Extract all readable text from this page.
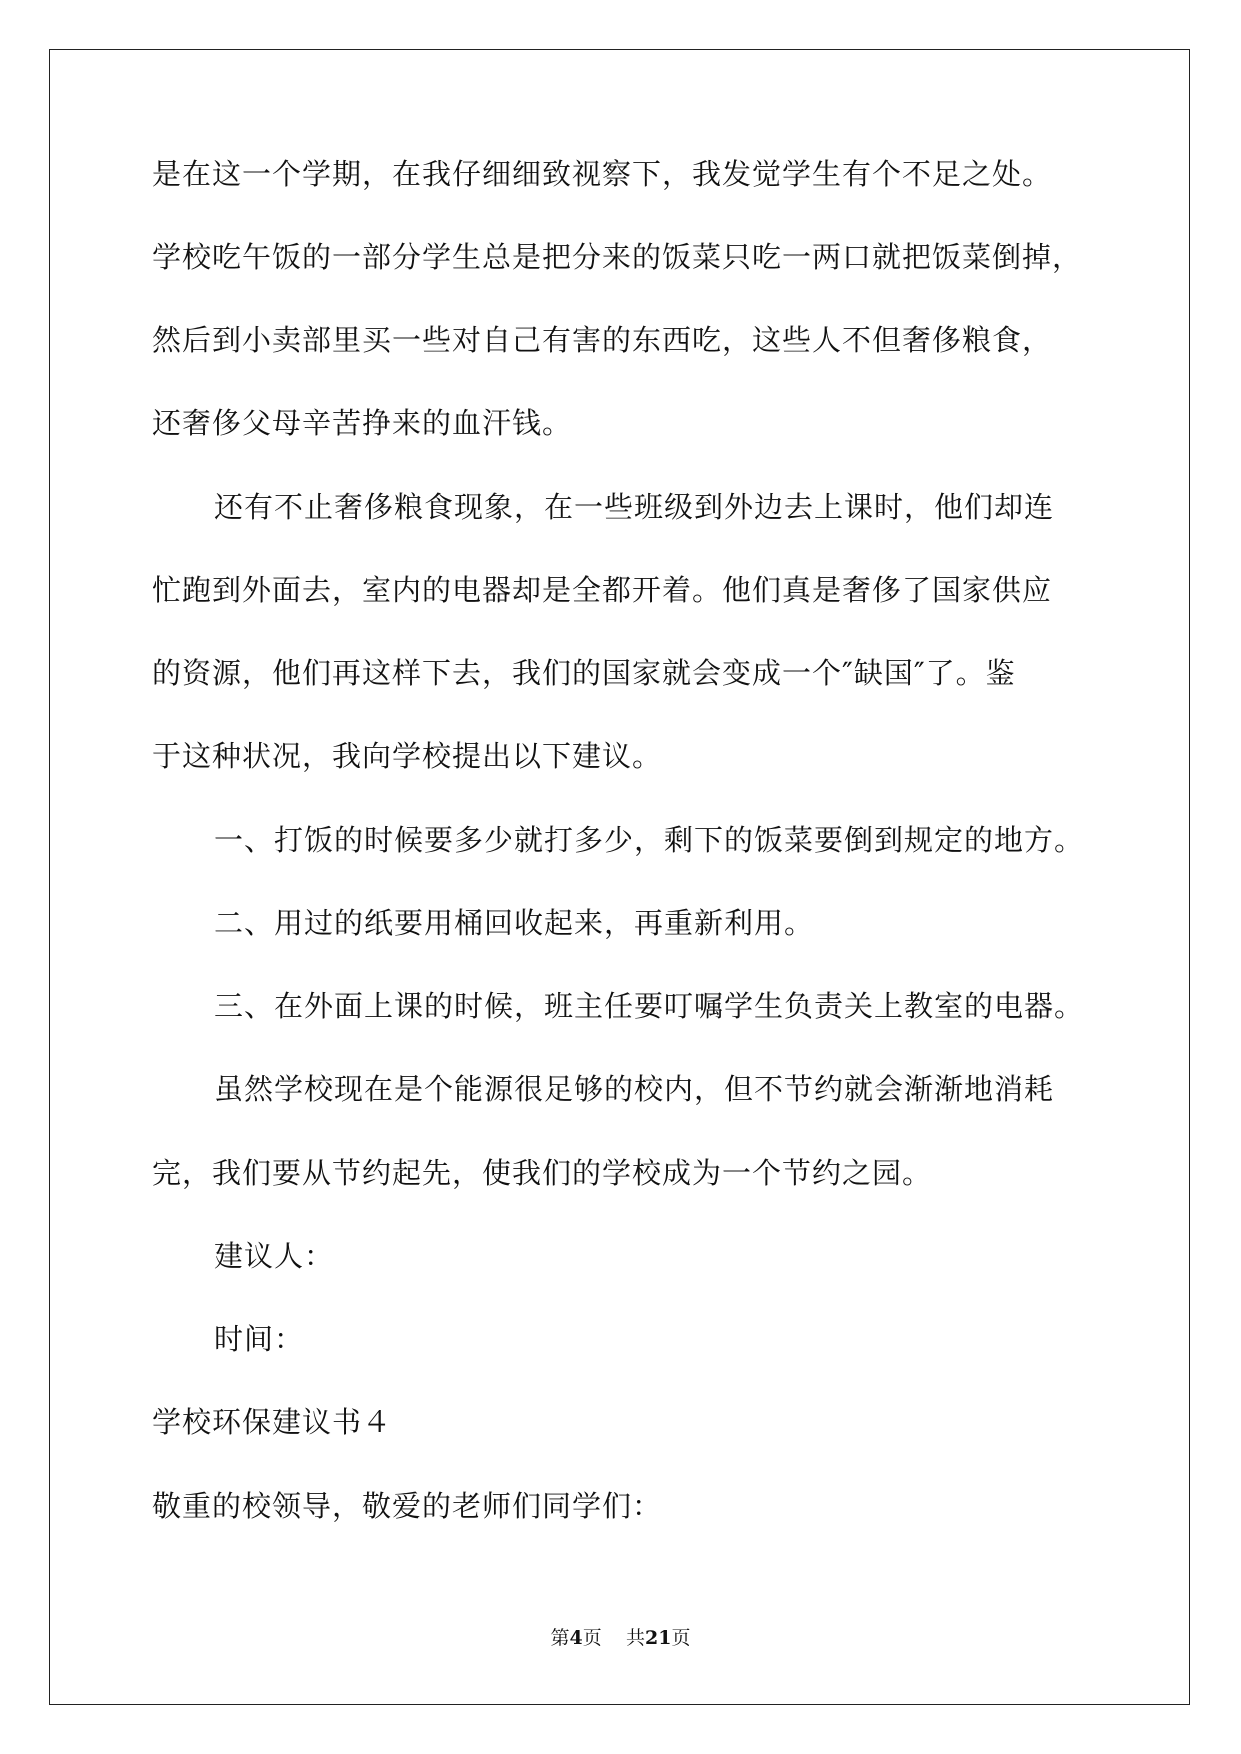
是在这一个学期，在我仔细细致视察下，我发觉学生有个不足之处。
学校吃午饭的一部分学生总是把分来的饭菜只吃一两口就把饭菜倒掉，
然后到小卖部里买一些对自己有害的东西吃，这些人不但奢侈粮食，
还奢侈父母辛苦挣来的血汗钱。
还有不止奢侈粮食现象，在一些班级到外边去上课时，他们却连
忙跑到外面去，室内的电器却是全都开着。他们真是奢侈了国家供应
的资源，他们再这样下去，我们的国家就会变成一个″缺国″了。鉴
于这种状况，我向学校提出以下建议。
一、打饭的时候要多少就打多少，剩下的饭菜要倒到规定的地方。
二、用过的纸要用桶回收起来，再重新利用。
三、在外面上课的时候，班主任要叮嘱学生负责关上教室的电器。
虽然学校现在是个能源很足够的校内，但不节约就会渐渐地消耗
完，我们要从节约起先，使我们的学校成为一个节约之园。
建议人：
时间：
学校环保建议书４
敬重的校领导，敬爱的老师们同学们：
第4页 共21页
